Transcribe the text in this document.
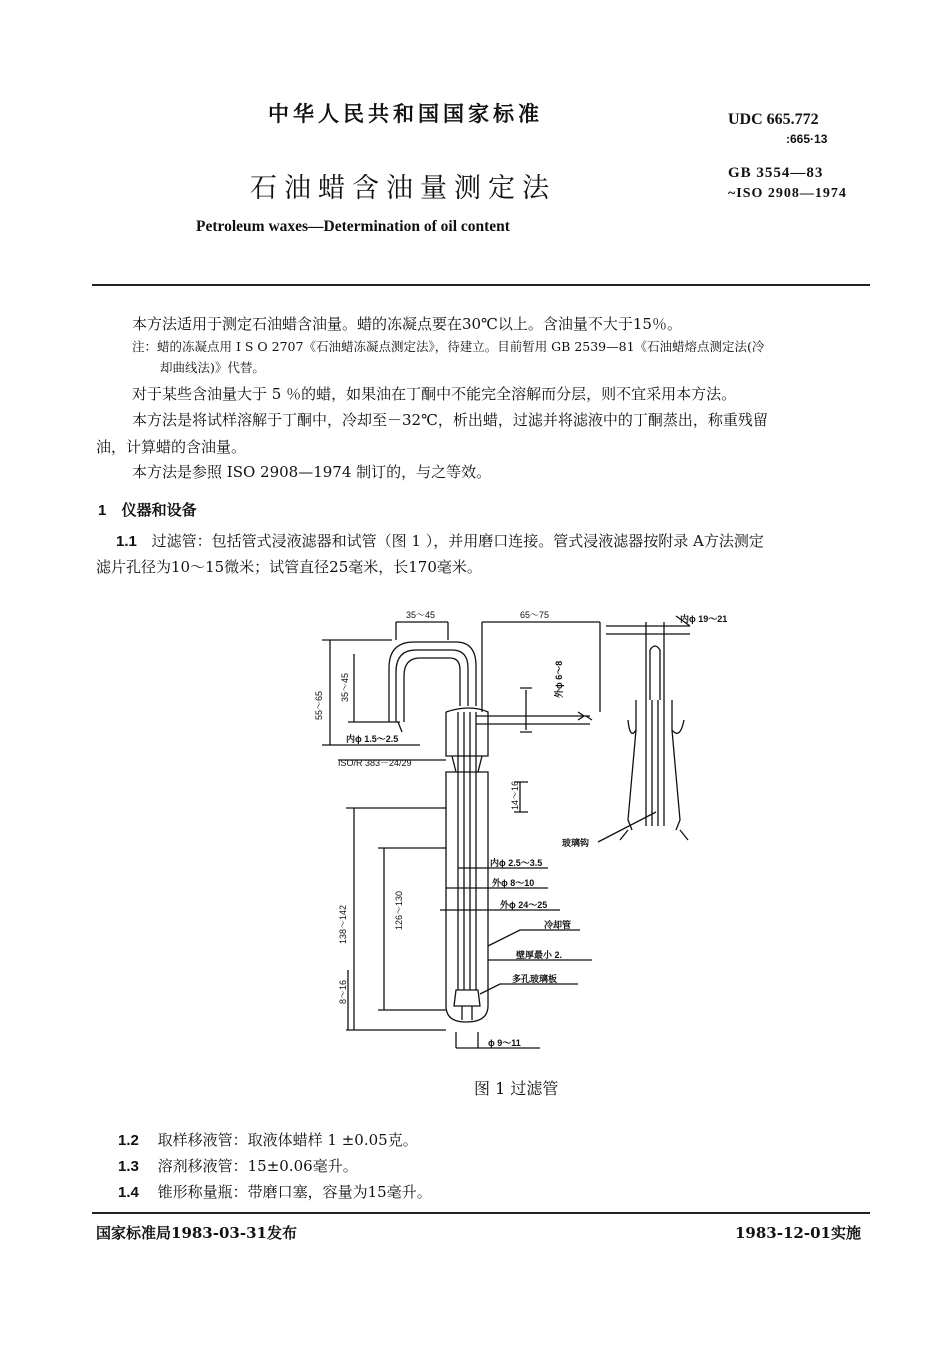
中华人民共和国国家标准
石油蜡含油量测定法
Petroleum waxes—Determination of oil content
UDC 665.772
:665·13
GB 3554—83
~ISO 2908—1974
本方法适用于测定石油蜡含油量。蜡的冻凝点要在30℃以上。含油量不大于15％。
注：蜡的冻凝点用 I S O 2707《石油蜡冻凝点测定法》，待建立。目前暂用 GB 2539—81《石油蜡熔点测定法(冷
却曲线法)》代替。
对于某些含油量大于 5 ％的蜡，如果油在丁酮中不能完全溶解而分层，则不宜采用本方法。
本方法是将试样溶解于丁酮中，冷却至－32℃，析出蜡，过滤并将滤液中的丁酮蒸出，称重残留
油，计算蜡的含油量。
本方法是参照 ISO 2908—1974 制订的，与之等效。
1 仪器和设备
1.1 过滤管：包括管式浸液滤器和试管（图 1 ），并用磨口连接。管式浸液滤器按附录 A方法测定
滤片孔径为10～15微米；试管直径25毫米，长170毫米。
35～45	65～75	内ϕ 19～21
外ϕ 6～8
55～65
35～45
内ϕ 1.5～2.5
ISO/R 383－24/29
14～16
玻璃钩
内ϕ 2.5～3.5
外ϕ 8～10
外ϕ 24～25
冷却管
壁厚最小 2.
多孔玻璃板
138～142	126～130
8～16
ϕ 9～11
图 1 过滤管
1.2 取样移液管：取液体蜡样 1 ±0.05克。
1.3 溶剂移液管：15±0.06毫升。
1.4 锥形称量瓶：带磨口塞，容量为15毫升。
国家标准局1983-03-31发布	1983-12-01实施
